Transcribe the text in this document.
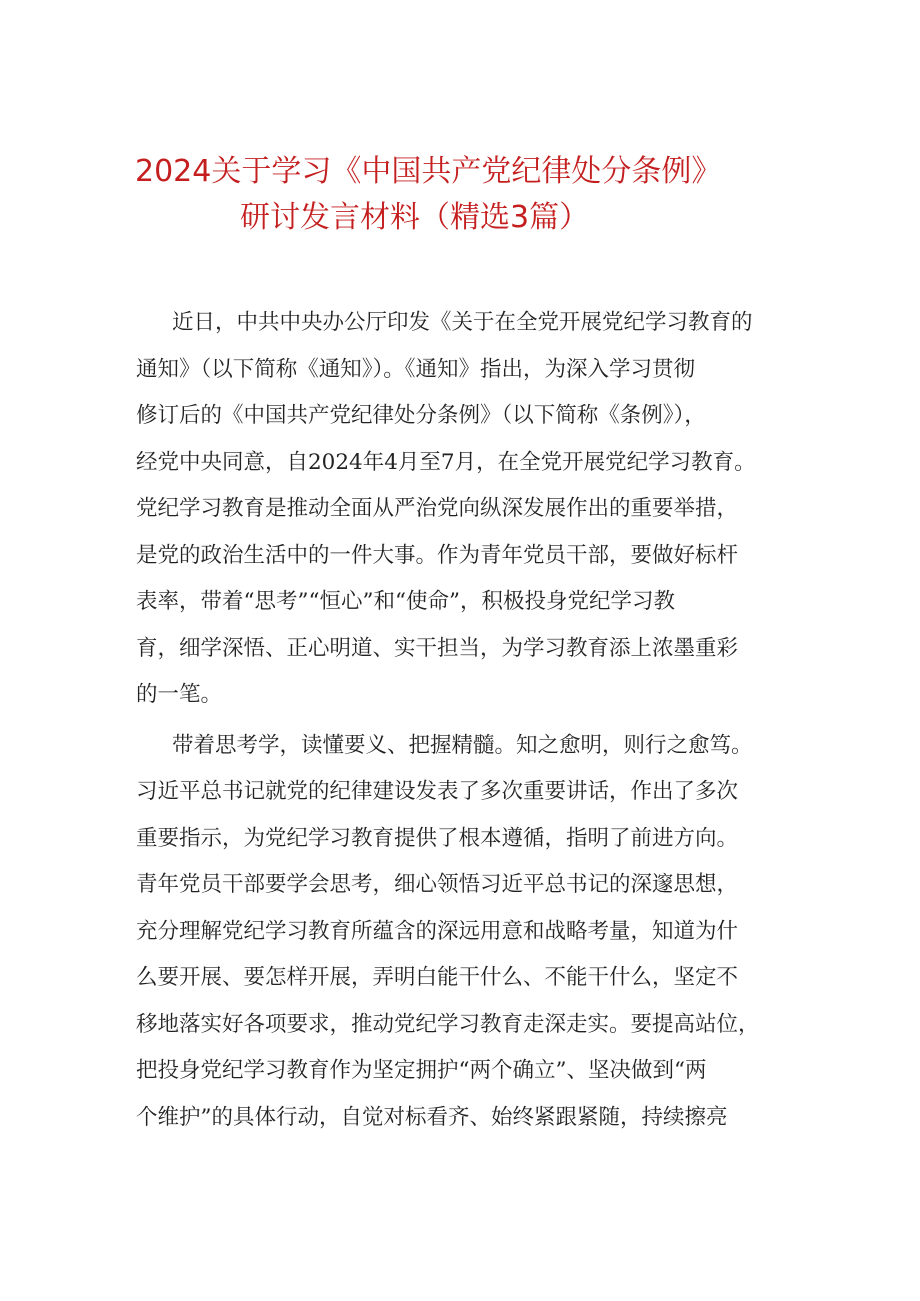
2024关于学习《中国共产党纪律处分条例》
研讨发言材料（精选3篇）
近日，中共中央办公厅印发《关于在全党开展党纪学习教育的
通知》（以下简称《通知》）。《通知》指出，为深入学习贯彻
修订后的《中国共产党纪律处分条例》（以下简称《条例》），
经党中央同意，自2024年4月至7月，在全党开展党纪学习教育。
党纪学习教育是推动全面从严治党向纵深发展作出的重要举措，
是党的政治生活中的一件大事。作为青年党员干部，要做好标杆
表率，带着“思考”“恒心”和“使命”，积极投身党纪学习教
育，细学深悟、正心明道、实干担当，为学习教育添上浓墨重彩
的一笔。
带着思考学，读懂要义、把握精髓。知之愈明，则行之愈笃。
习近平总书记就党的纪律建设发表了多次重要讲话，作出了多次
重要指示，为党纪学习教育提供了根本遵循，指明了前进方向。
青年党员干部要学会思考，细心领悟习近平总书记的深邃思想，
充分理解党纪学习教育所蕴含的深远用意和战略考量，知道为什
么要开展、要怎样开展，弄明白能干什么、不能干什么，坚定不
移地落实好各项要求，推动党纪学习教育走深走实。要提高站位，
把投身党纪学习教育作为坚定拥护“两个确立”、坚决做到“两
个维护”的具体行动，自觉对标看齐、始终紧跟紧随，持续擦亮
